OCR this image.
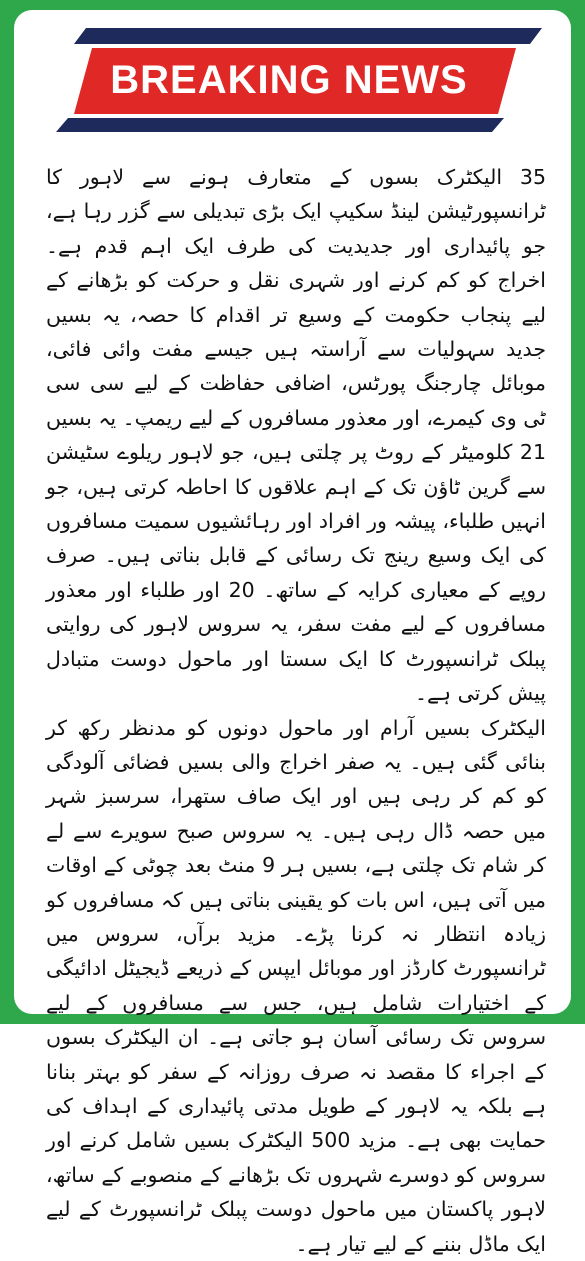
BREAKING NEWS

35 الیکٹرک بسوں کے متعارف ہونے سے لاہور کا ٹرانسپورٹیشن لینڈ سکیپ ایک بڑی تبدیلی سے گزر رہا ہے، جو پائیداری اور جدیدیت کی طرف ایک اہم قدم ہے۔ اخراج کو کم کرنے اور شہری نقل و حرکت کو بڑھانے کے لیے پنجاب حکومت کے وسیع تر اقدام کا حصہ، یہ بسیں جدید سہولیات سے آراستہ ہیں جیسے مفت وائی فائی، موبائل چارجنگ پورٹس، اضافی حفاظت کے لیے سی سی ٹی وی کیمرے، اور معذور مسافروں کے لیے ریمپ۔ یہ بسیں 21 کلومیٹر کے روٹ پر چلتی ہیں، جو لاہور ریلوے سٹیشن سے گرین ٹاؤن تک کے اہم علاقوں کا احاطہ کرتی ہیں، جو انہیں طلباء، پیشہ ور افراد اور رہائشیوں سمیت مسافروں کی ایک وسیع رینج تک رسائی کے قابل بناتی ہیں۔ صرف روپے کے معیاری کرایہ کے ساتھ۔ 20 اور طلباء اور معذور مسافروں کے لیے مفت سفر، یہ سروس لاہور کی روایتی پبلک ٹرانسپورٹ کا ایک سستا اور ماحول دوست متبادل پیش کرتی ہے۔

الیکٹرک بسیں آرام اور ماحول دونوں کو مدنظر رکھ کر بنائی گئی ہیں۔ یہ صفر اخراج والی بسیں فضائی آلودگی کو کم کر رہی ہیں اور ایک صاف ستھرا، سرسبز شہر میں حصہ ڈال رہی ہیں۔ یہ سروس صبح سویرے سے لے کر شام تک چلتی ہے، بسیں ہر 9 منٹ بعد چوٹی کے اوقات میں آتی ہیں، اس بات کو یقینی بناتی ہیں کہ مسافروں کو زیادہ انتظار نہ کرنا پڑے۔ مزید برآں، سروس میں ٹرانسپورٹ کارڈز اور موبائل ایپس کے ذریعے ڈیجیٹل ادائیگی کے اختیارات شامل ہیں، جس سے مسافروں کے لیے سروس تک رسائی آسان ہو جاتی ہے۔ ان الیکٹرک بسوں کے اجراء کا مقصد نہ صرف روزانہ کے سفر کو بہتر بنانا ہے بلکہ یہ لاہور کے طویل مدتی پائیداری کے اہداف کی حمایت بھی ہے۔ مزید 500 الیکٹرک بسیں شامل کرنے اور سروس کو دوسرے شہروں تک بڑھانے کے منصوبے کے ساتھ، لاہور پاکستان میں ماحول دوست پبلک ٹرانسپورٹ کے لیے ایک ماڈل بننے کے لیے تیار ہے۔
